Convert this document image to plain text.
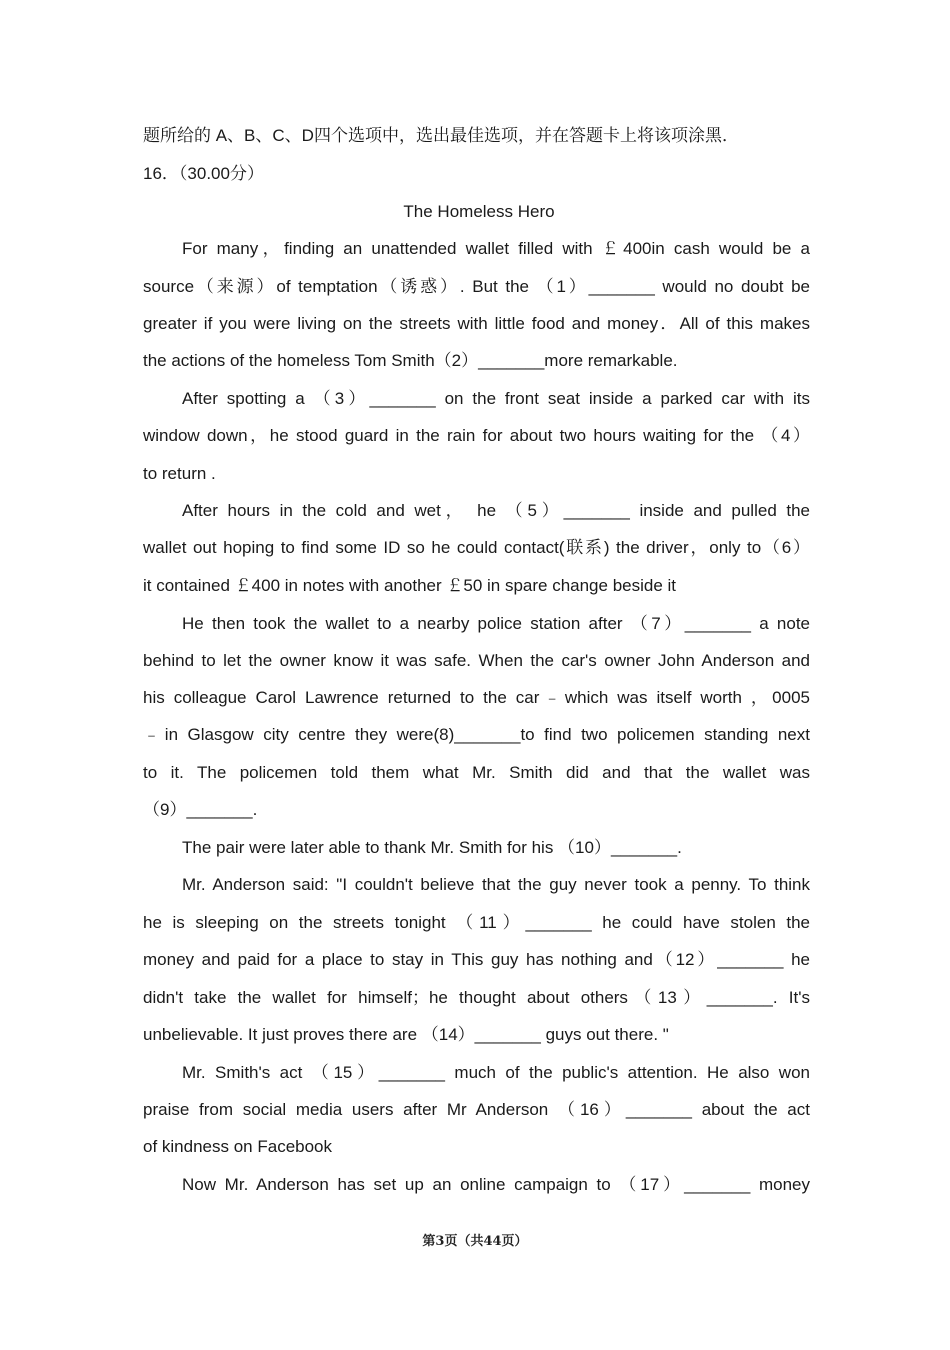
题所给的 A、B、C、D四个选项中，选出最佳选项，并在答题卡上将该项涂黑．
16．（30.00分）
The Homeless Hero
For many，finding an unattended wallet filled with ￡400in cash would be a
source（来源）of temptation（诱惑）. But the （1）_______ would no doubt be
greater if you were living on the streets with little food and money．All of this makes
the actions of the homeless Tom Smith（2）_______more remarkable.
After spotting a （3）_______ on the front seat inside a parked car with its
window down，he stood guard in the rain for about two hours waiting for the （4）
to return .
After hours in the cold and wet， he （5）_______ inside and pulled the
wallet out hoping to find some ID so he could contact(联系) the driver，only to（6）
it contained ￡400 in notes with another ￡50 in spare change beside it
He then took the wallet to a nearby police station after （7）_______ a note
behind to let the owner know it was safe. When the car's owner John Anderson and
his colleague Carol Lawrence returned to the car﹣which was itself worth ，0005
﹣in Glasgow city centre they were(8)_______to find two policemen standing next
to it. The policemen told them what Mr. Smith did and that the wallet was
（9）_______.
The pair were later able to thank Mr. Smith for his （10）_______.
Mr. Anderson said: "I couldn't believe that the guy never took a penny. To think
he is sleeping on the streets tonight （11）_______ he could have stolen the
money and paid for a place to stay in This guy has nothing and（12）_______ he
didn't take the wallet for himself；he thought about others（13）_______. It's
unbelievable. It just proves there are （14）_______ guys out there. "
Mr. Smith's act （15）_______ much of the public's attention. He also won
praise from social media users after Mr Anderson （16）_______ about the act
of kindness on Facebook
Now Mr. Anderson has set up an online campaign to （17）_______ money
第3页（共44页）
